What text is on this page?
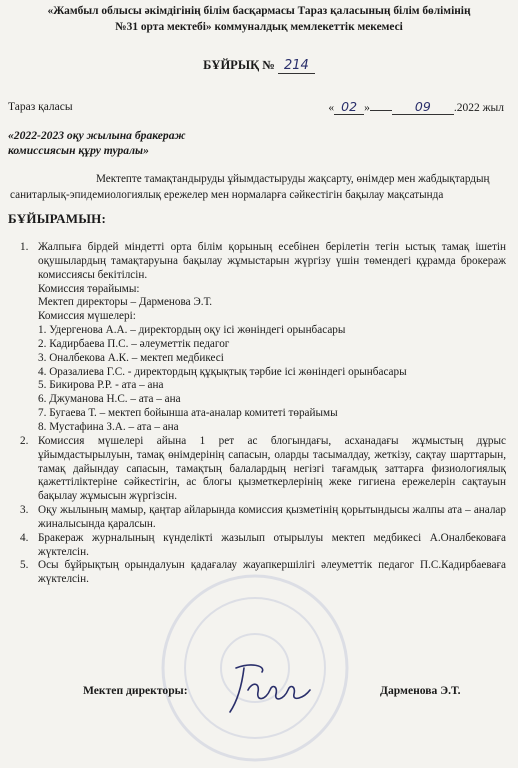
«Жамбыл облысы әкімдігінің білім басқармасы Тараз қаласының білім бөлімінің
№31 орта мектебі» коммуналдық мемлекеттік мекемесі
БҰЙРЫҚ № 214
Тараз қаласы	« 02 »	09 .2022 жыл
«2022-2023 оқу жылына бракераж
комиссиясын құру туралы»
Мектепте тамақтандыруды ұйымдастыруды жақсарту, өнімдер мен жабдықтардың санитарлық-эпидемиологиялық ережелер мен нормаларға сәйкестігін бақылау мақсатында
БҰЙЫРАМЫН:
1. Жалпыға бірдей міндетті орта білім қорының есебінен берілетін тегін ыстық тамақ ішетін оқушылардың тамақтаруына бақылау жұмыстарын жүргізу үшін төмендегі құрамда брокераж комиссиясы бекітілсін.
Комиссия төрайымы:
Мектеп директоры – Дарменова Э.Т.
Комиссия мүшелері:
1. Удергенова А.А. – директордың оқу ісі жөніндегі орынбасары
2. Кадирбаева П.С. – әлеуметтік педагог
3. Оналбекова А.К. – мектеп медбикесі
4. Оразалиева Г.С. - директордың құқықтық тәрбие ісі жөніндегі орынбасары
5. Бикирова Р.Р. - ата – ана
6. Джуманова Н.С. – ата – ана
7. Бугаева Т. – мектеп бойынша ата-аналар комитеті төрайымы
8. Мустафина З.А. – ата – ана
2. Комиссия мүшелері айына 1 рет ас блогындағы, асханадағы жұмыстың дұрыс ұйымдастырылуын, тамақ өнімдерінің сапасын, оларды тасымалдау, жеткізу, сақтау шарттарын, тамақ дайындау сапасын, тамақтың балалардың негізгі тағамдық заттарға физиологиялық қажеттіліктеріне сәйкестігін, ас блогы қызметкерлерінің жеке гигиена ережелерін сақтауын бақылау жұмысын жүргізсін.
3. Оқу жылының мамыр, қаңтар айларында комиссия қызметінің қорытындысы жалпы ата – аналар жиналысында қаралсын.
4. Бракераж журналының күнделікті жазылып отырылуы мектеп медбикесі А.Оналбековаға жүктелсін.
5. Осы бұйрықтың орындалуын қадағалау жауапкершілігі әлеуметтік педагог П.С.Кадирбаеваға жүктелсін.
Мектеп директоры:	Дарменова Э.Т.
